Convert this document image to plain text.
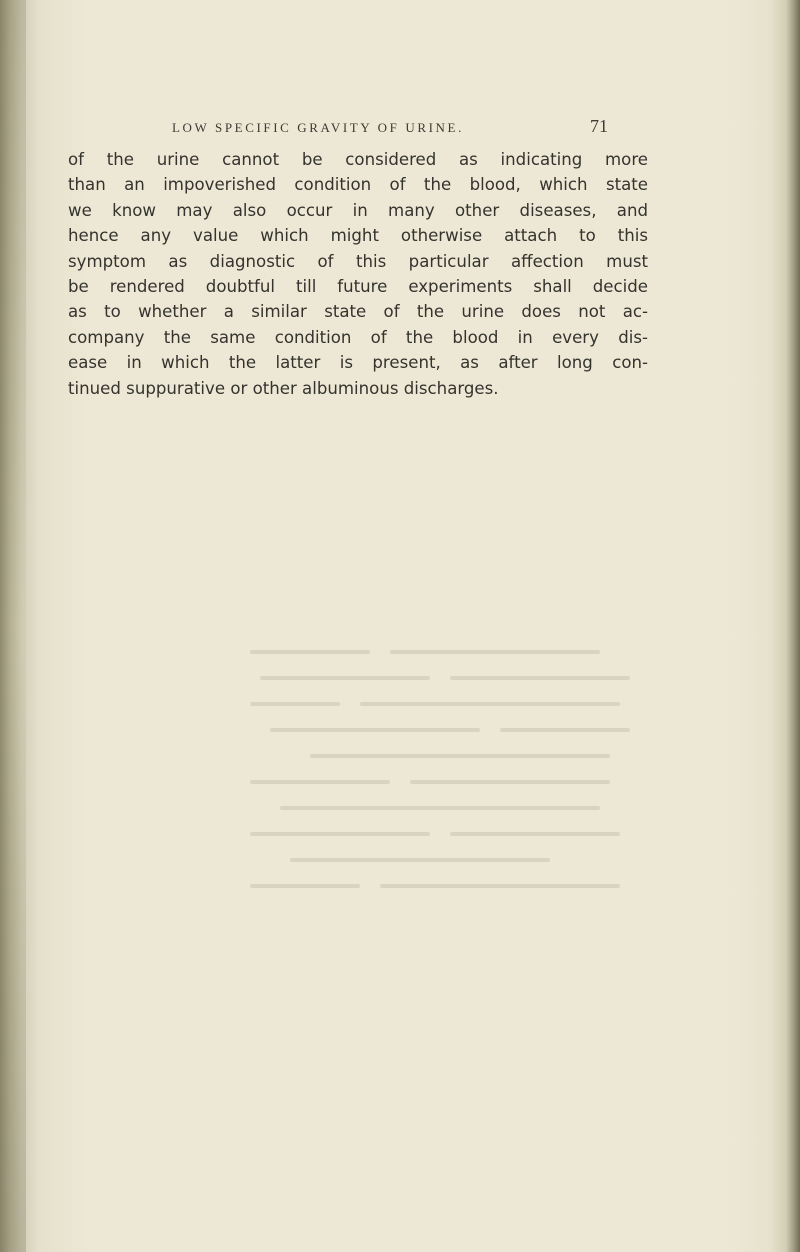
LOW SPECIFIC GRAVITY OF URINE.	71
of the urine cannot be considered as indicating more
than an impoverished condition of the blood, which state
we know may also occur in many other diseases, and
hence any value which might otherwise attach to this
symptom as diagnostic of this particular affection must
be rendered doubtful till future experiments shall decide
as to whether a similar state of the urine does not ac-
company the same condition of the blood in every dis-
ease in which the latter is present, as after long con-
tinued suppurative or other albuminous discharges.
